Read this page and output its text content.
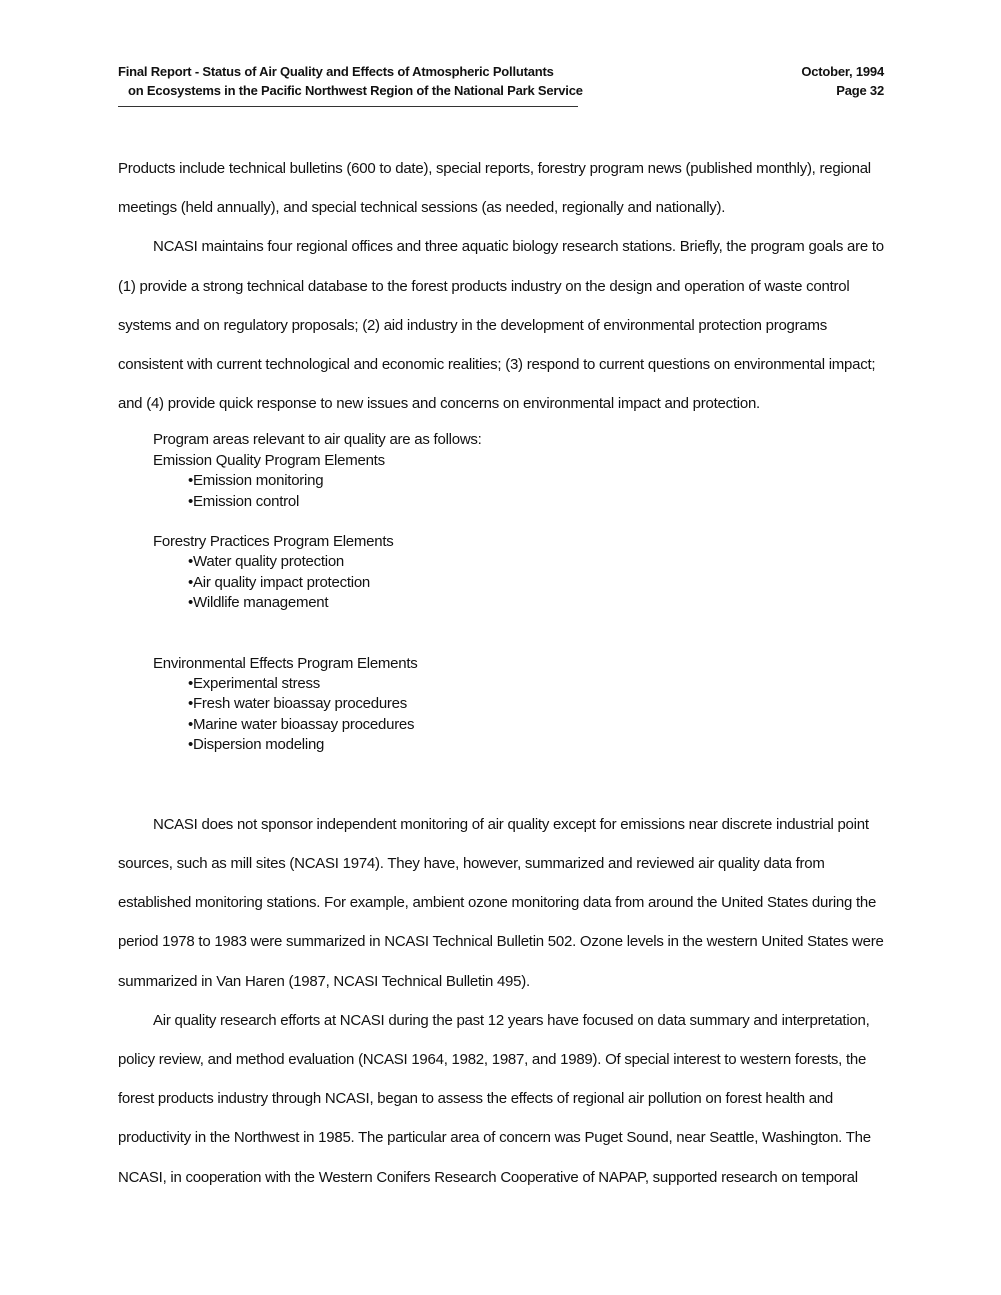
Final Report - Status of Air Quality and Effects of Atmospheric Pollutants
on Ecosystems in the Pacific Northwest Region of the National Park Service
October, 1994
Page 32

Products include technical bulletins (600 to date), special reports, forestry program news (published monthly), regional meetings (held annually), and special technical sessions (as needed, regionally and nationally).

NCASI maintains four regional offices and three aquatic biology research stations. Briefly, the program goals are to (1) provide a strong technical database to the forest products industry on the design and operation of waste control systems and on regulatory proposals; (2) aid industry in the development of environmental protection programs consistent with current technological and economic realities; (3) respond to current questions on environmental impact; and (4) provide quick response to new issues and concerns on environmental impact and protection.

Program areas relevant to air quality are as follows:
Emission Quality Program Elements
•Emission monitoring
•Emission control
Forestry Practices Program Elements
•Water quality protection
•Air quality impact protection
•Wildlife management
Environmental Effects Program Elements
•Experimental stress
•Fresh water bioassay procedures
•Marine water bioassay procedures
•Dispersion modeling

NCASI does not sponsor independent monitoring of air quality except for emissions near discrete industrial point sources, such as mill sites (NCASI 1974). They have, however, summarized and reviewed air quality data from established monitoring stations. For example, ambient ozone monitoring data from around the United States during the period 1978 to 1983 were summarized in NCASI Technical Bulletin 502. Ozone levels in the western United States were summarized in Van Haren (1987, NCASI Technical Bulletin 495).

Air quality research efforts at NCASI during the past 12 years have focused on data summary and interpretation, policy review, and method evaluation (NCASI 1964, 1982, 1987, and 1989). Of special interest to western forests, the forest products industry through NCASI, began to assess the effects of regional air pollution on forest health and productivity in the Northwest in 1985. The particular area of concern was Puget Sound, near Seattle, Washington. The NCASI, in cooperation with the Western Conifers Research Cooperative of NAPAP, supported research on temporal
